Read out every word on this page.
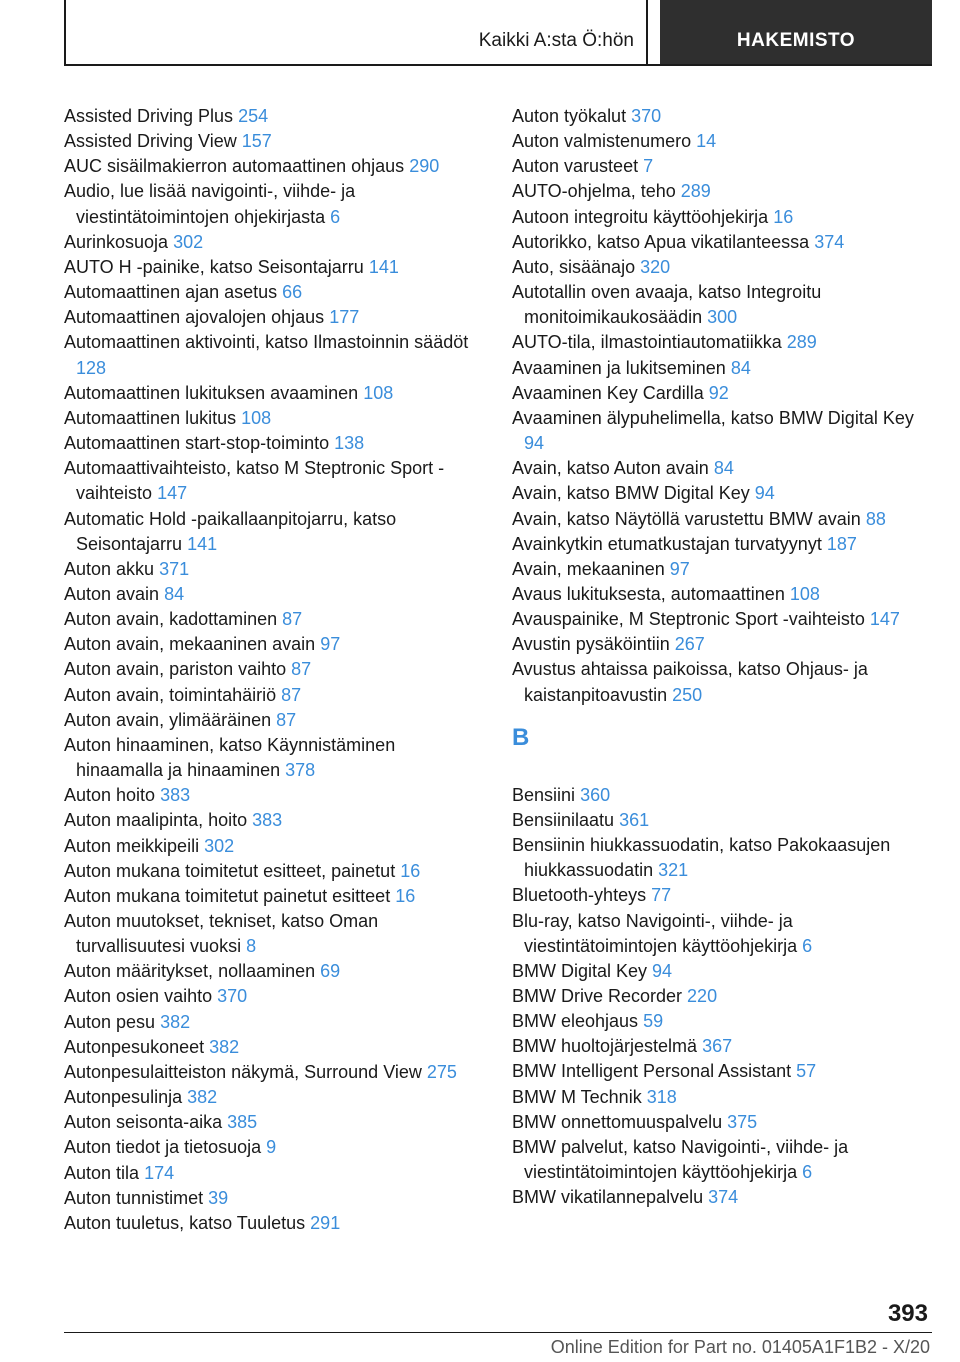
Kaikki A:sta Ö:hön	HAKEMISTO

Assisted Driving Plus 254

Assisted Driving View 157

AUC sisäilmakierron automaattinen ohjaus 290

Audio, lue lisää navigointi-, viihde- ja viestintätoimintojen ohjekirjasta 6

Aurinkosuoja 302

AUTO H -painike, katso Seisontajarru 141

Automaattinen ajan asetus 66

Automaattinen ajovalojen ohjaus 177

Automaattinen aktivointi, katso Ilmastoinnin säädöt 128

Automaattinen lukituksen avaaminen 108

Automaattinen lukitus 108

Automaattinen start-stop-toiminto 138

Automaattivaihteisto, katso M Steptronic Sport -vaihteisto 147

Automatic Hold -paikallaanpitojarru, katso Seisontajarru 141

Auton akku 371

Auton avain 84

Auton avain, kadottaminen 87

Auton avain, mekaaninen avain 97

Auton avain, pariston vaihto 87

Auton avain, toimintahäiriö 87

Auton avain, ylimääräinen 87

Auton hinaaminen, katso Käynnistäminen hinaamalla ja hinaaminen 378

Auton hoito 383

Auton maalipinta, hoito 383

Auton meikkipeili 302

Auton mukana toimitetut esitteet, painetut 16

Auton mukana toimitetut painetut esitteet 16

Auton muutokset, tekniset, katso Oman turvallisuutesi vuoksi 8

Auton määritykset, nollaaminen 69

Auton osien vaihto 370

Auton pesu 382

Autonpesukoneet 382

Autonpesulaitteiston näkymä, Surround View 275

Autonpesulinja 382

Auton seisonta-aika 385

Auton tiedot ja tietosuoja 9

Auton tila 174

Auton tunnistimet 39

Auton tuuletus, katso Tuuletus 291

Auton työkalut 370

Auton valmistenumero 14

Auton varusteet 7

AUTO-ohjelma, teho 289

Autoon integroitu käyttöohjekirja 16

Autorikko, katso Apua vikatilanteessa 374

Auto, sisäänajo 320

Autotallin oven avaaja, katso Integroitu monitoimikaukosäädin 300

AUTO-tila, ilmastointiautomatiikka 289

Avaaminen ja lukitseminen 84

Avaaminen Key Cardilla 92

Avaaminen älypuhelimella, katso BMW Digital Key 94

Avain, katso Auton avain 84

Avain, katso BMW Digital Key 94

Avain, katso Näytöllä varustettu BMW avain 88

Avainkytkin etumatkustajan turvatyynyt 187

Avain, mekaaninen 97

Avaus lukituksesta, automaattinen 108

Avauspainike, M Steptronic Sport -vaihteisto 147

Avustin pysäköintiin 267

Avustus ahtaissa paikoissa, katso Ohjaus- ja kaistanpitoavustin 250

B

Bensiini 360

Bensiinilaatu 361

Bensiinin hiukkassuodatin, katso Pakokaasujen hiukkassuodatin 321

Bluetooth-yhteys 77

Blu-ray, katso Navigointi-, viihde- ja viestintätoimintojen käyttöohjekirja 6

BMW Digital Key 94

BMW Drive Recorder 220

BMW eleohjaus 59

BMW huoltojärjestelmä 367

BMW Intelligent Personal Assistant 57

BMW M Technik 318

BMW onnettomuuspalvelu 375

BMW palvelut, katso Navigointi-, viihde- ja viestintätoimintojen käyttöohjekirja 6

BMW vikatilannepalvelu 374

393
Online Edition for Part no. 01405A1F1B2 - X/20
